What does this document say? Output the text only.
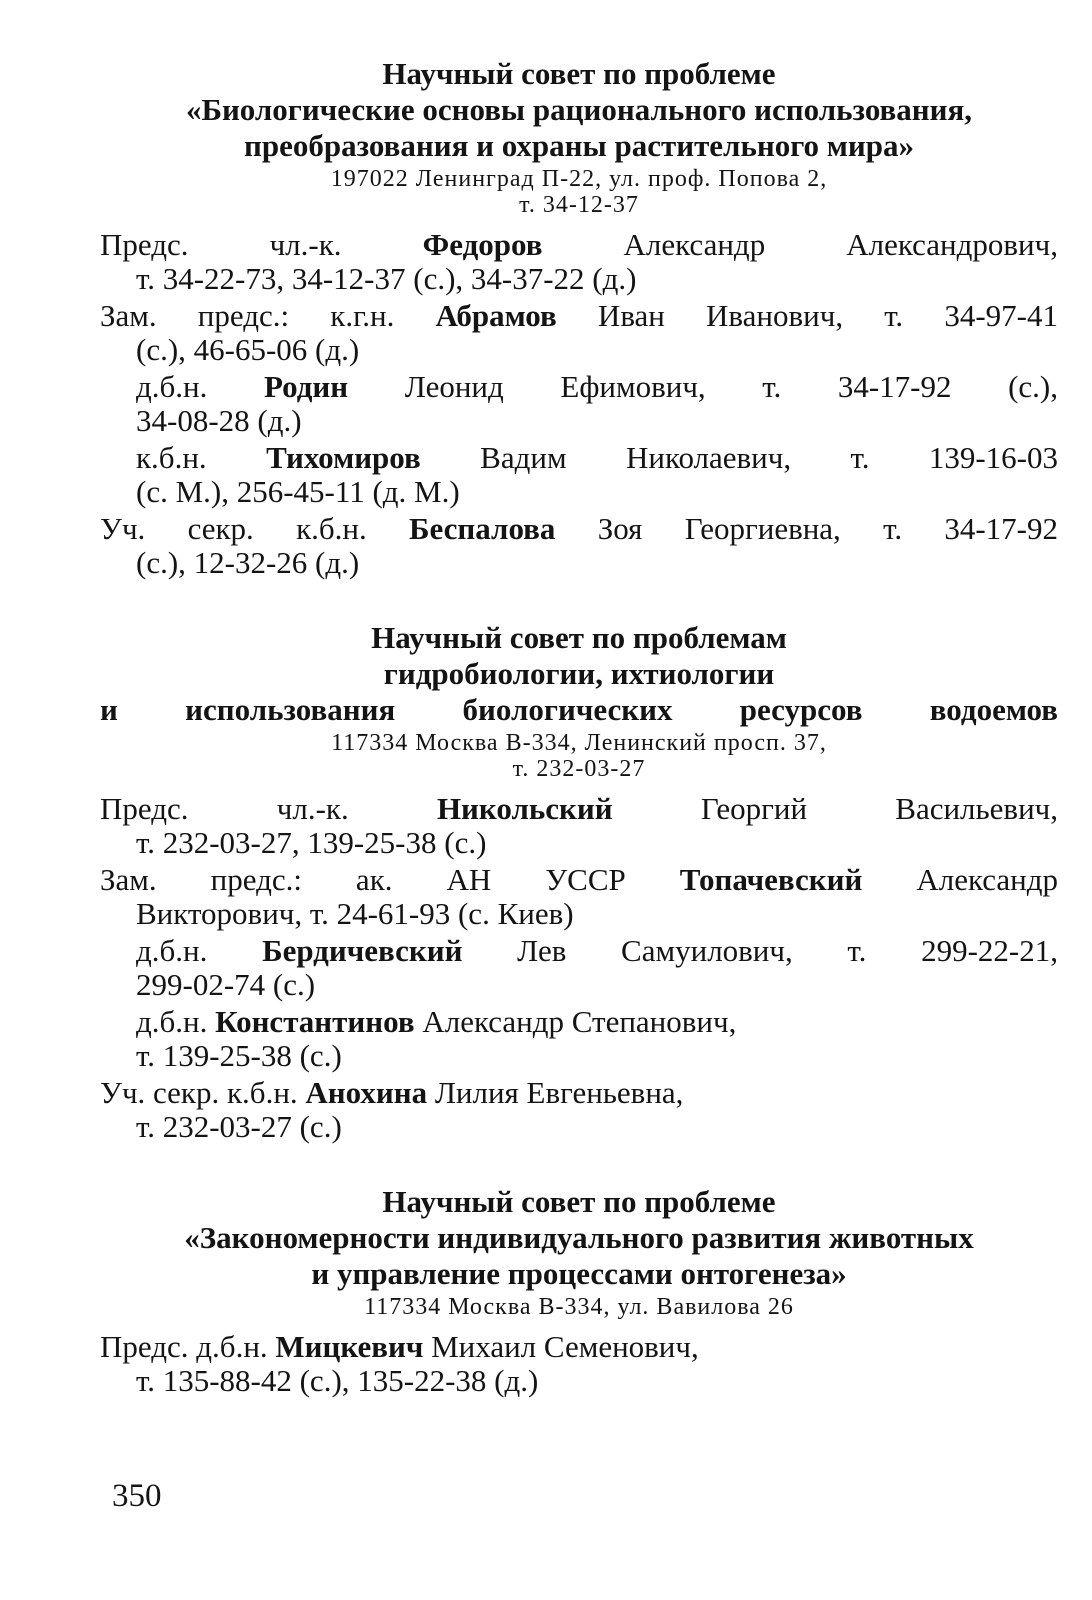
Научный совет по проблеме
«Биологические основы рационального использования,
преобразования и охраны растительного мира»
197022 Ленинград П-22, ул. проф. Попова 2,
т. 34-12-37
Предс. чл.-к. Федоров Александр Александрович,
т. 34-22-73, 34-12-37 (с.), 34-37-22 (д.)
Зам. предс.: к.г.н. Абрамов Иван Иванович, т. 34-97-41
(с.), 46-65-06 (д.)
д.б.н. Родин Леонид Ефимович, т. 34-17-92 (с.),
34-08-28 (д.)
к.б.н. Тихомиров Вадим Николаевич, т. 139-16-03
(с. М.), 256-45-11 (д. М.)
Уч. секр. к.б.н. Беспалова Зоя Георгиевна, т. 34-17-92
(с.), 12-32-26 (д.)
Научный совет по проблемам
гидробиологии, ихтиологии
и использования биологических ресурсов водоемов
117334 Москва В-334, Ленинский просп. 37,
т. 232-03-27
Предс. чл.-к. Никольский Георгий Васильевич,
т. 232-03-27, 139-25-38 (с.)
Зам. предс.: ак. АН УССР Топачевский Александр
Викторович, т. 24-61-93 (с. Киев)
д.б.н. Бердичевский Лев Самуилович, т. 299-22-21,
299-02-74 (с.)
д.б.н. Константинов Александр Степанович,
т. 139-25-38 (с.)
Уч. секр. к.б.н. Анохина Лилия Евгеньевна,
т. 232-03-27 (с.)
Научный совет по проблеме
«Закономерности индивидуального развития животных
и управление процессами онтогенеза»
117334 Москва В-334, ул. Вавилова 26
Предс. д.б.н. Мицкевич Михаил Семенович,
т. 135-88-42 (с.), 135-22-38 (д.)
350
